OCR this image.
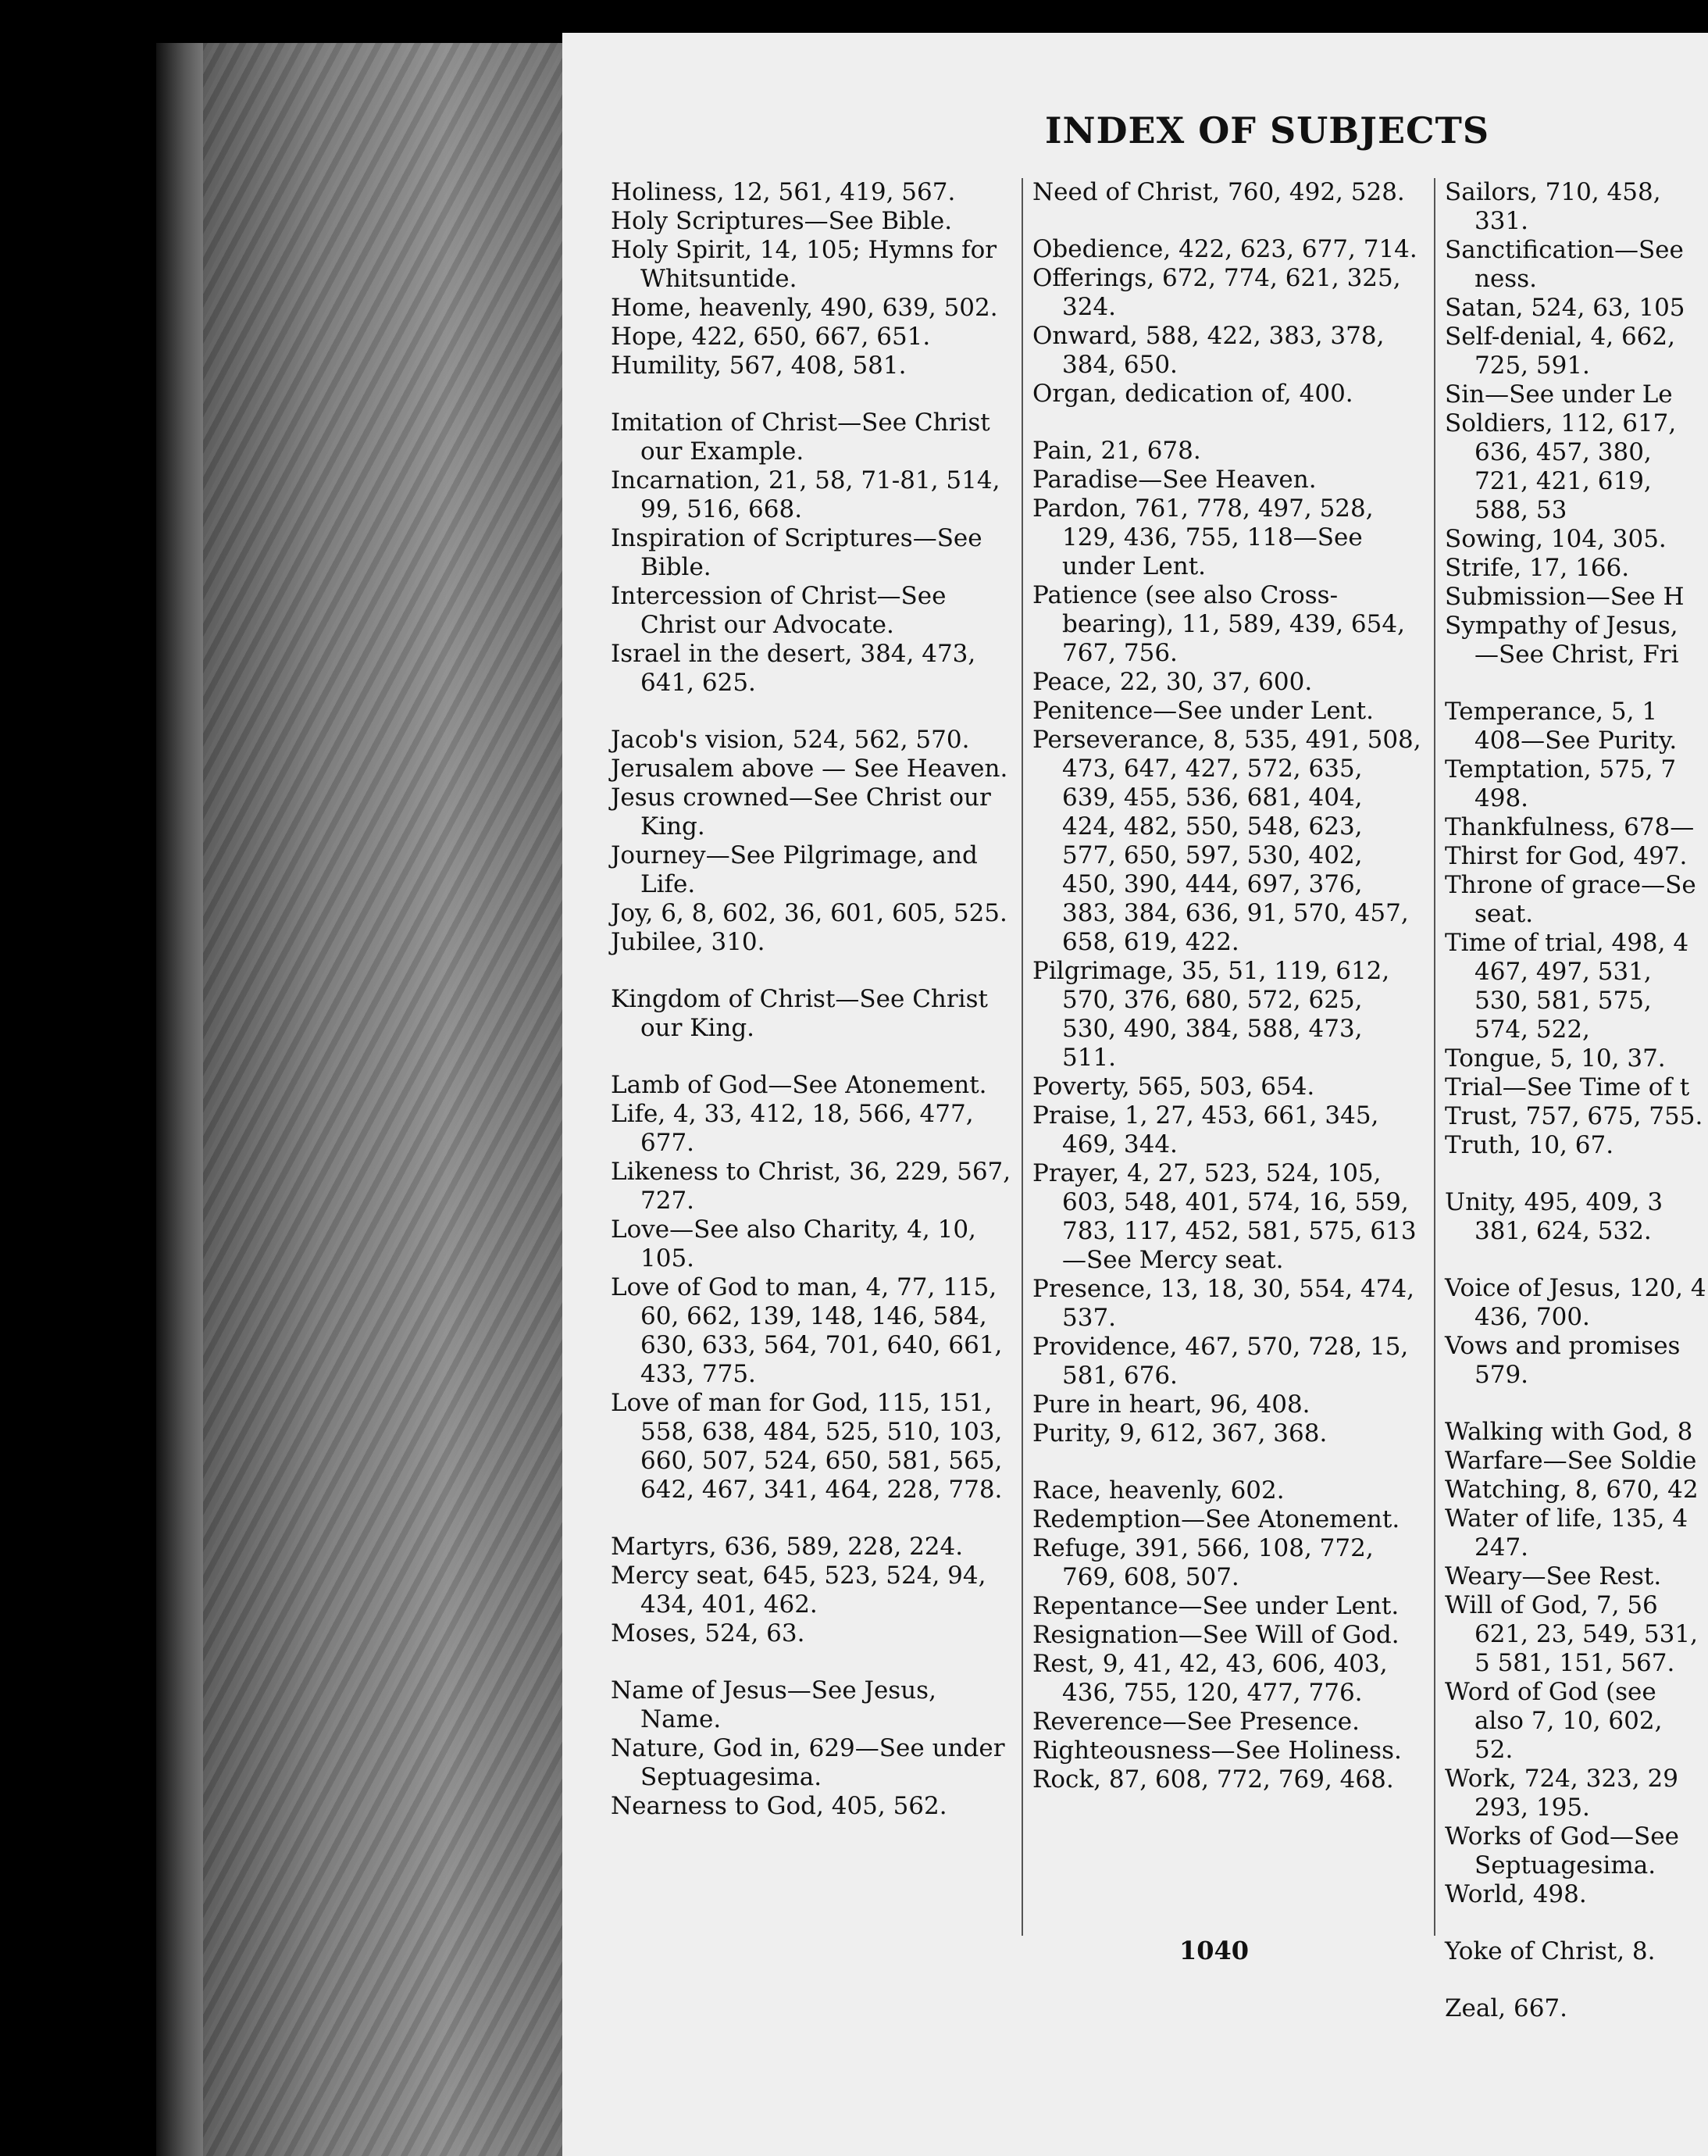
INDEX OF SUBJECTS

Holiness, 12, 561, 419, 567.

Holy Scriptures—See Bible.

Holy Spirit, 14, 105; Hymns for Whitsuntide.

Home, heavenly, 490, 639, 502.

Hope, 422, 650, 667, 651.

Humility, 567, 408, 581.

Imitation of Christ—See Christ our Example.

Incarnation, 21, 58, 71-81, 514, 99, 516, 668.

Inspiration of Scriptures—See Bible.

Intercession of Christ—See Christ our Advocate.

Israel in the desert, 384, 473, 641, 625.

Jacob's vision, 524, 562, 570.

Jerusalem above — See Heaven.

Jesus crowned—See Christ our King.

Journey—See Pilgrimage, and Life.

Joy, 6, 8, 602, 36, 601, 605, 525.

Jubilee, 310.

Kingdom of Christ—See Christ our King.

Lamb of God—See Atonement.

Life, 4, 33, 412, 18, 566, 477, 677.

Likeness to Christ, 36, 229, 567, 727.

Love—See also Charity, 4, 10, 105.

Love of God to man, 4, 77, 115, 60, 662, 139, 148, 146, 584, 630, 633, 564, 701, 640, 661, 433, 775.

Love of man for God, 115, 151, 558, 638, 484, 525, 510, 103, 660, 507, 524, 650, 581, 565, 642, 467, 341, 464, 228, 778.

Martyrs, 636, 589, 228, 224.

Mercy seat, 645, 523, 524, 94, 434, 401, 462.

Moses, 524, 63.

Name of Jesus—See Jesus, Name.

Nature, God in, 629—See under Septuagesima.

Nearness to God, 405, 562.

Need of Christ, 760, 492, 528.

Obedience, 422, 623, 677, 714.

Offerings, 672, 774, 621, 325, 324.

Onward, 588, 422, 383, 378, 384, 650.

Organ, dedication of, 400.

Pain, 21, 678.

Paradise—See Heaven.

Pardon, 761, 778, 497, 528, 129, 436, 755, 118—See under Lent.

Patience (see also Cross-bearing), 11, 589, 439, 654, 767, 756.

Peace, 22, 30, 37, 600.

Penitence—See under Lent.

Perseverance, 8, 535, 491, 508, 473, 647, 427, 572, 635, 639, 455, 536, 681, 404, 424, 482, 550, 548, 623, 577, 650, 597, 530, 402, 450, 390, 444, 697, 376, 383, 384, 636, 91, 570, 457, 658, 619, 422.

Pilgrimage, 35, 51, 119, 612, 570, 376, 680, 572, 625, 530, 490, 384, 588, 473, 511.

Poverty, 565, 503, 654.

Praise, 1, 27, 453, 661, 345, 469, 344.

Prayer, 4, 27, 523, 524, 105, 603, 548, 401, 574, 16, 559, 783, 117, 452, 581, 575, 613 —See Mercy seat.

Presence, 13, 18, 30, 554, 474, 537.

Providence, 467, 570, 728, 15, 581, 676.

Pure in heart, 96, 408.

Purity, 9, 612, 367, 368.

Race, heavenly, 602.

Redemption—See Atonement.

Refuge, 391, 566, 108, 772, 769, 608, 507.

Repentance—See under Lent.

Resignation—See Will of God.

Rest, 9, 41, 42, 43, 606, 403, 436, 755, 120, 477, 776.

Reverence—See Presence.

Righteousness—See Holiness.

Rock, 87, 608, 772, 769, 468.

Sailors, 710, 458, 331.

Sanctification—See ness.

Satan, 524, 63, 105

Self-denial, 4, 662, 725, 591.

Sin—See under Le

Soldiers, 112, 617, 636, 457, 380, 721, 421, 619, 588, 53

Sowing, 104, 305.

Strife, 17, 166.

Submission—See H

Sympathy of Jesus, —See Christ, Fri

Temperance, 5, 1 408—See Purity.

Temptation, 575, 7 498.

Thankfulness, 678—

Thirst for God, 497.

Throne of grace—Se seat.

Time of trial, 498, 4 467, 497, 531, 530, 581, 575, 574, 522,

Tongue, 5, 10, 37.

Trial—See Time of t

Trust, 757, 675, 755.

Truth, 10, 67.

Unity, 495, 409, 3 381, 624, 532.

Voice of Jesus, 120, 4 436, 700.

Vows and promises 579.

Walking with God, 8

Warfare—See Soldie

Watching, 8, 670, 42

Water of life, 135, 4 247.

Weary—See Rest.

Will of God, 7, 56 621, 23, 549, 531, 5 581, 151, 567.

Word of God (see also 7, 10, 602, 52.

Work, 724, 323, 29 293, 195.

Works of God—See Septuagesima.

World, 498.

Yoke of Christ, 8.

Zeal, 667.

1040
